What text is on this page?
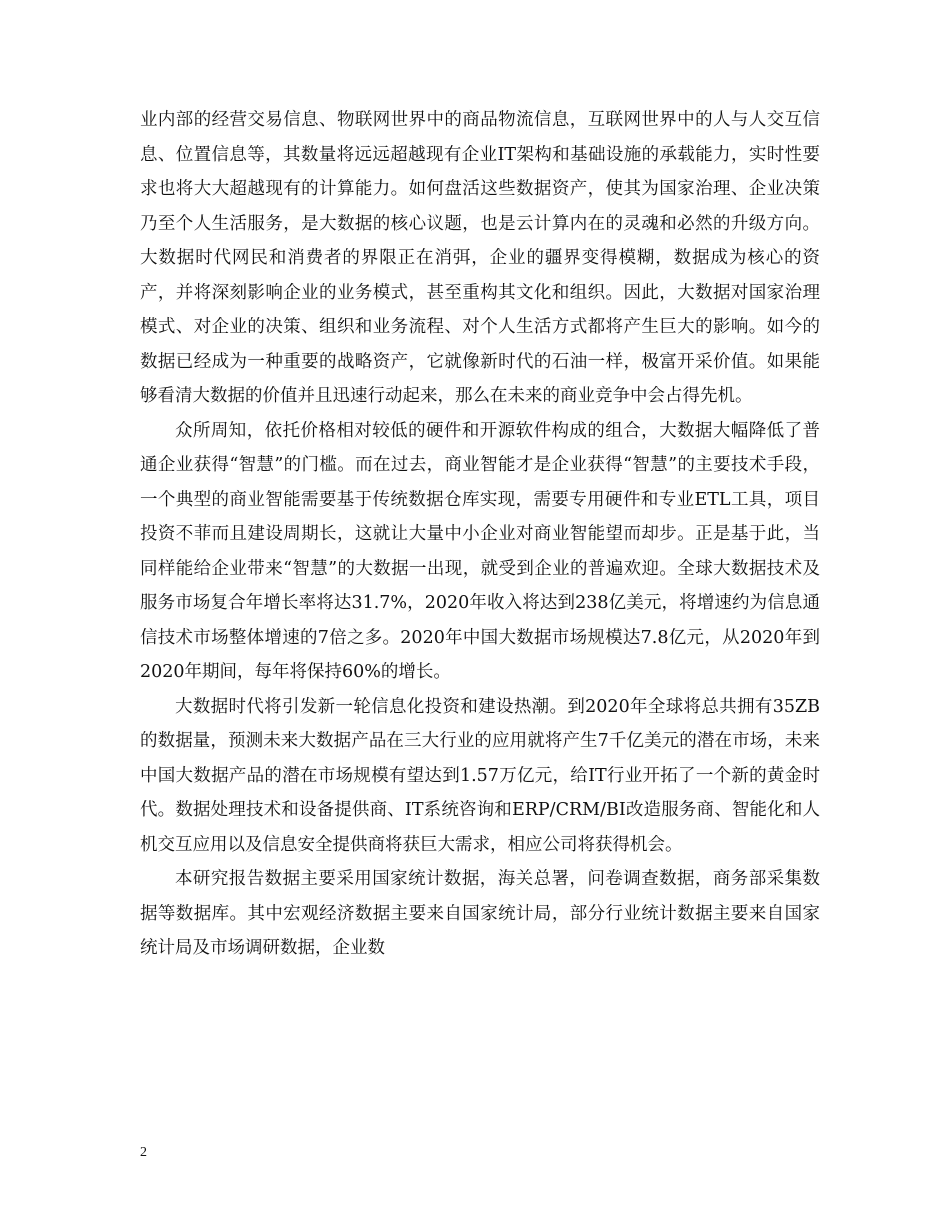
业内部的经营交易信息、物联网世界中的商品物流信息，互联网世界中的人与人交互信息、位置信息等，其数量将远远超越现有企业IT架构和基础设施的承载能力，实时性要求也将大大超越现有的计算能力。如何盘活这些数据资产，使其为国家治理、企业决策乃至个人生活服务，是大数据的核心议题，也是云计算内在的灵魂和必然的升级方向。大数据时代网民和消费者的界限正在消弭，企业的疆界变得模糊，数据成为核心的资产，并将深刻影响企业的业务模式，甚至重构其文化和组织。因此，大数据对国家治理模式、对企业的决策、组织和业务流程、对个人生活方式都将产生巨大的影响。如今的数据已经成为一种重要的战略资产，它就像新时代的石油一样，极富开采价值。如果能够看清大数据的价值并且迅速行动起来，那么在未来的商业竞争中会占得先机。

众所周知，依托价格相对较低的硬件和开源软件构成的组合，大数据大幅降低了普通企业获得“智慧”的门槛。而在过去，商业智能才是企业获得“智慧”的主要技术手段，一个典型的商业智能需要基于传统数据仓库实现，需要专用硬件和专业ETL工具，项目投资不菲而且建设周期长，这就让大量中小企业对商业智能望而却步。正是基于此，当同样能给企业带来“智慧”的大数据一出现，就受到企业的普遍欢迎。全球大数据技术及服务市场复合年增长率将达31.7%，2020年收入将达到238亿美元，将增速约为信息通信技术市场整体增速的7倍之多。2020年中国大数据市场规模达7.8亿元，从2020年到2020年期间，每年将保持60%的增长。

大数据时代将引发新一轮信息化投资和建设热潮。到2020年全球将总共拥有35ZB的数据量，预测未来大数据产品在三大行业的应用就将产生7千亿美元的潜在市场，未来中国大数据产品的潜在市场规模有望达到1.57万亿元，给IT行业开拓了一个新的黄金时代。数据处理技术和设备提供商、IT系统咨询和ERP/CRM/BI改造服务商、智能化和人机交互应用以及信息安全提供商将获巨大需求，相应公司将获得机会。

本研究报告数据主要采用国家统计数据，海关总署，问卷调查数据，商务部采集数据等数据库。其中宏观经济数据主要来自国家统计局，部分行业统计数据主要来自国家统计局及市场调研数据，企业数

2
